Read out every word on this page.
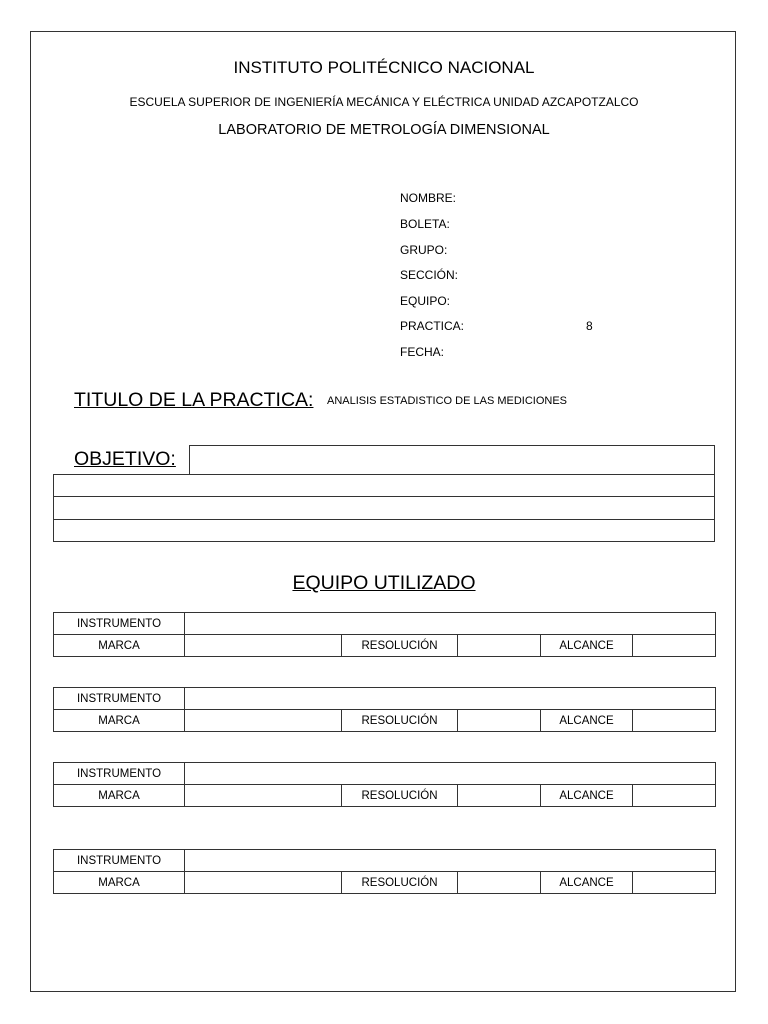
INSTITUTO POLITÉCNICO NACIONAL
ESCUELA SUPERIOR DE INGENIERÍA MECÁNICA Y ELÉCTRICA UNIDAD AZCAPOTZALCO
LABORATORIO DE METROLOGÍA DIMENSIONAL
NOMBRE:
BOLETA:
GRUPO:
SECCIÓN:
EQUIPO:
PRACTICA:	8
FECHA:
TITULO DE LA PRACTICA: ANALISIS ESTADISTICO DE LAS MEDICIONES
OBJETIVO:
EQUIPO UTILIZADO
INSTRUMENTO					
MARCA		RESOLUCIÓN		ALCANCE	
INSTRUMENTO					
MARCA		RESOLUCIÓN		ALCANCE	
INSTRUMENTO					
MARCA		RESOLUCIÓN		ALCANCE	
INSTRUMENTO					
MARCA		RESOLUCIÓN		ALCANCE	
